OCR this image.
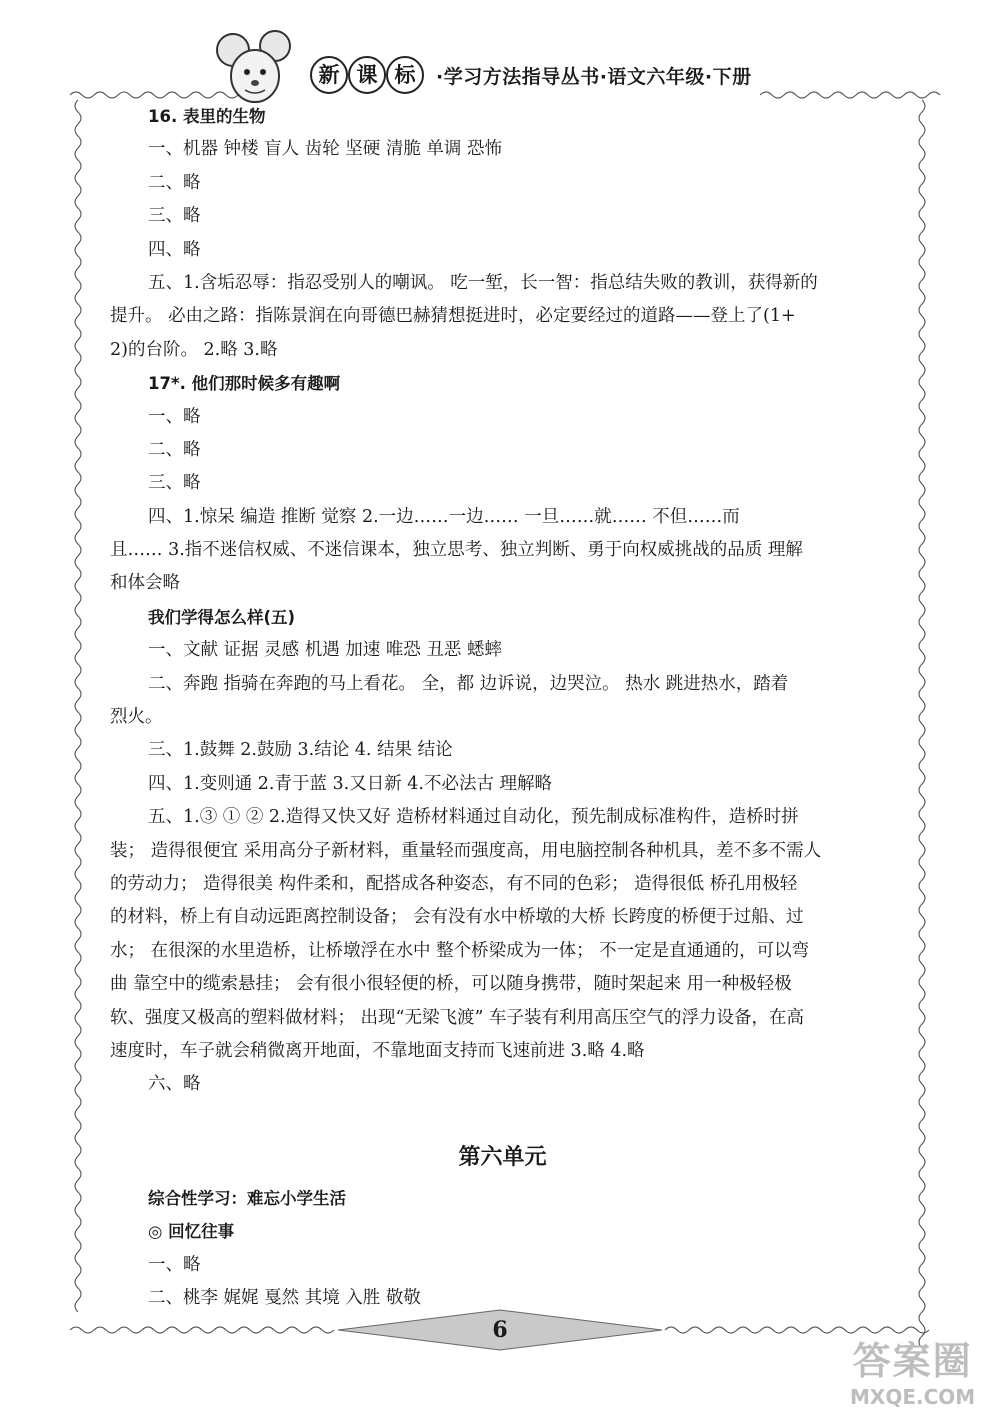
新 课 标	·学习方法指导丛书·语文六年级·下册
16. 表里的生物
一、机器 钟楼 盲人 齿轮 坚硬 清脆 单调 恐怖
二、略
三、略
四、略
五、1.含垢忍辱：指忍受别人的嘲讽。 吃一堑，长一智：指总结失败的教训，获得新的
提升。 必由之路：指陈景润在向哥德巴赫猜想挺进时，必定要经过的道路——登上了(1+
2)的台阶。 2.略 3.略
17*. 他们那时候多有趣啊
一、略
二、略
三、略
四、1.惊呆 编造 推断 觉察 2.一边……一边…… 一旦……就…… 不但……而
且…… 3.指不迷信权威、不迷信课本，独立思考、独立判断、勇于向权威挑战的品质 理解
和体会略
我们学得怎么样(五)
一、文献 证据 灵感 机遇 加速 唯恐 丑恶 蟋蟀
二、奔跑 指骑在奔跑的马上看花。 全，都 边诉说，边哭泣。 热水 跳进热水，踏着
烈火。
三、1.鼓舞 2.鼓励 3.结论 4. 结果 结论
四、1.变则通 2.青于蓝 3.又日新 4.不必法古 理解略
五、1.③ ① ② 2.造得又快又好 造桥材料通过自动化，预先制成标准构件，造桥时拼
装； 造得很便宜 采用高分子新材料，重量轻而强度高，用电脑控制各种机具，差不多不需人
的劳动力； 造得很美 构件柔和，配搭成各种姿态，有不同的色彩； 造得很低 桥孔用极轻
的材料，桥上有自动远距离控制设备； 会有没有水中桥墩的大桥 长跨度的桥便于过船、过
水； 在很深的水里造桥，让桥墩浮在水中 整个桥梁成为一体； 不一定是直通通的，可以弯
曲 靠空中的缆索悬挂； 会有很小很轻便的桥，可以随身携带，随时架起来 用一种极轻极
软、强度又极高的塑料做材料； 出现“无梁飞渡” 车子装有利用高压空气的浮力设备，在高
速度时，车子就会稍微离开地面，不靠地面支持而飞速前进 3.略 4.略
六、略
第六单元
综合性学习：难忘小学生活
◎ 回忆往事
一、略
二、桃李 娓娓 戛然 其境 入胜 敬敬
6
答案圈
MXQE.COM
